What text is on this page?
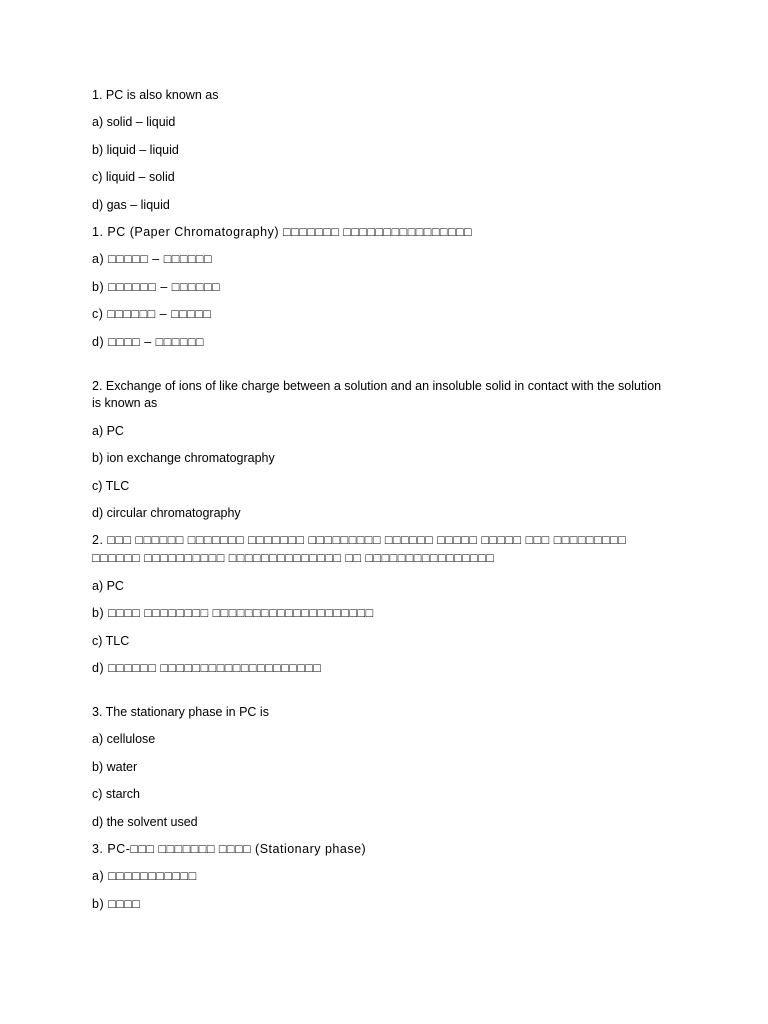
1. PC is also known as
a) solid – liquid
b) liquid – liquid
c) liquid – solid
d) gas – liquid
1. PC (Paper Chromatography) □□□□□□□ □□□□□□□□□□□□□□□□
a) □□□□□ – □□□□□□
b) □□□□□□ – □□□□□□
c) □□□□□□ – □□□□□
d) □□□□ – □□□□□□
2. Exchange of ions of like charge between a solution and an insoluble solid in contact with the solution is known as
a) PC
b) ion exchange chromatography
c) TLC
d) circular chromatography
2. □□□ □□□□□□ □□□□□□□ □□□□□□□ □□□□□□□□□ □□□□□□ □□□□□ □□□□□ □□□ □□□□□□□□□ □□□□□□ □□□□□□□□□□ □□□□□□□□□□□□□□ □□ □□□□□□□□□□□□□□□□
a) PC
b) □□□□ □□□□□□□□ □□□□□□□□□□□□□□□□□□□□
c) TLC
d) □□□□□□ □□□□□□□□□□□□□□□□□□□□
3. The stationary phase in PC is
a) cellulose
b) water
c) starch
d) the solvent used
3. PC-□□□ □□□□□□□ □□□□ (Stationary phase)
a) □□□□□□□□□□□
b) □□□□
